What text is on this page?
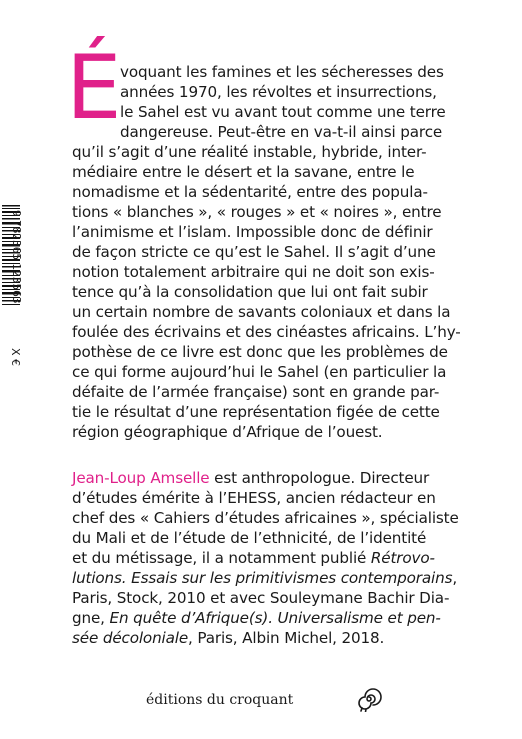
9 782365 123563
X €
É
voquant les famines et les sécheresses des
années 1970, les révoltes et insurrections,
le Sahel est vu avant tout comme une terre
dangereuse. Peut-être en va-t-il ainsi parce
qu’il s’agit d’une réalité instable, hybride, inter-
médiaire entre le désert et la savane, entre le
nomadisme et la sédentarité, entre des popula-
tions « blanches », « rouges » et « noires », entre
l’animisme et l’islam. Impossible donc de définir
de façon stricte ce qu’est le Sahel. Il s’agit d’une
notion totalement arbitraire qui ne doit son exis-
tence qu’à la consolidation que lui ont fait subir
un certain nombre de savants coloniaux et dans la
foulée des écrivains et des cinéastes africains. L’hy-
pothèse de ce livre est donc que les problèmes de
ce qui forme aujourd’hui le Sahel (en particulier la
défaite de l’armée française) sont en grande par-
tie le résultat d’une représentation figée de cette
région géographique d’Afrique de l’ouest.
Jean-Loup Amselle est anthropologue. Directeur
d’études émérite à l’EHESS, ancien rédacteur en
chef des « Cahiers d’études africaines », spécialiste
du Mali et de l’étude de l’ethnicité, de l’identité
et du métissage, il a notamment publié Rétrovo-
lutions. Essais sur les primitivismes contemporains,
Paris, Stock, 2010 et avec Souleymane Bachir Dia-
gne, En quête d’Afrique(s). Universalisme et pen-
sée décoloniale, Paris, Albin Michel, 2018.
éditions du croquant
